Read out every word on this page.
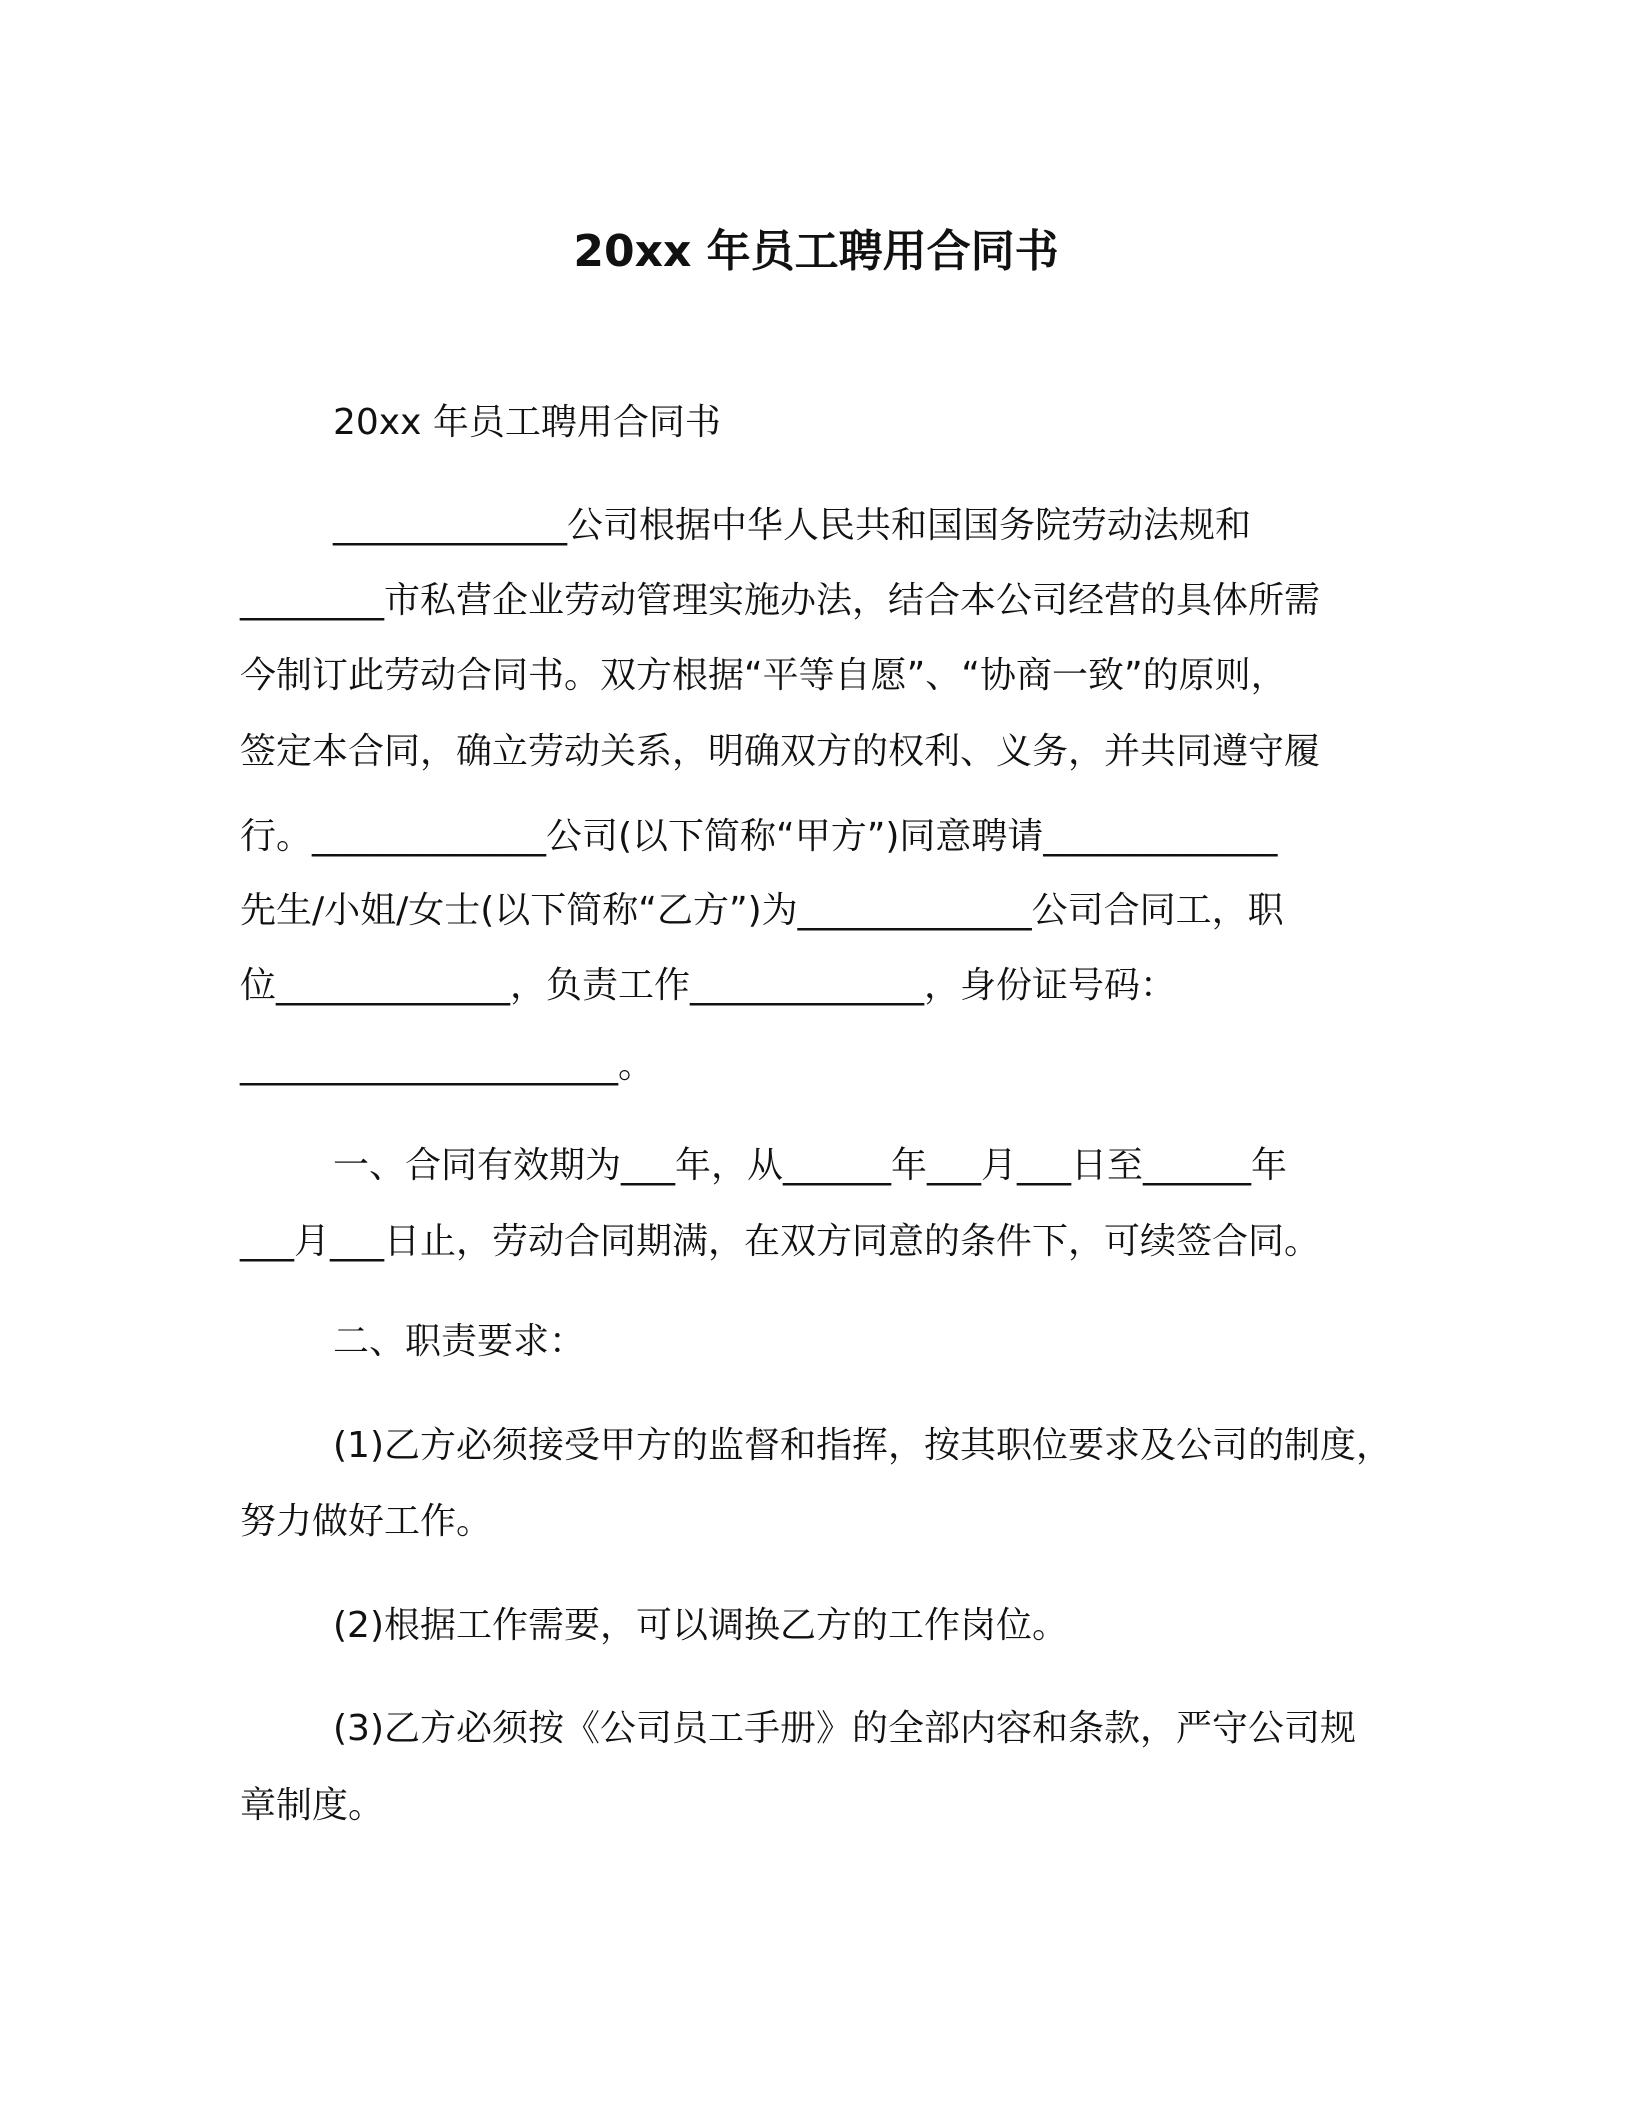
20xx 年员工聘用合同书
20xx 年员工聘用合同书
_____________公司根据中华人民共和国国务院劳动法规和
________市私营企业劳动管理实施办法，结合本公司经营的具体所需
今制订此劳动合同书。双方根据“平等自愿”、“协商一致”的原则，
签定本合同，确立劳动关系，明确双方的权利、义务，并共同遵守履
行。_____________公司(以下简称“甲方”)同意聘请_____________
先生/小姐/女士(以下简称“乙方”)为_____________公司合同工，职
位_____________，负责工作_____________，身份证号码：
_____________________。
一、合同有效期为___年，从______年___月___日至______年
___月___日止，劳动合同期满，在双方同意的条件下，可续签合同。
二、职责要求：
(1)乙方必须接受甲方的监督和指挥，按其职位要求及公司的制度，
努力做好工作。
(2)根据工作需要，可以调换乙方的工作岗位。
(3)乙方必须按《公司员工手册》的全部内容和条款，严守公司规
章制度。
